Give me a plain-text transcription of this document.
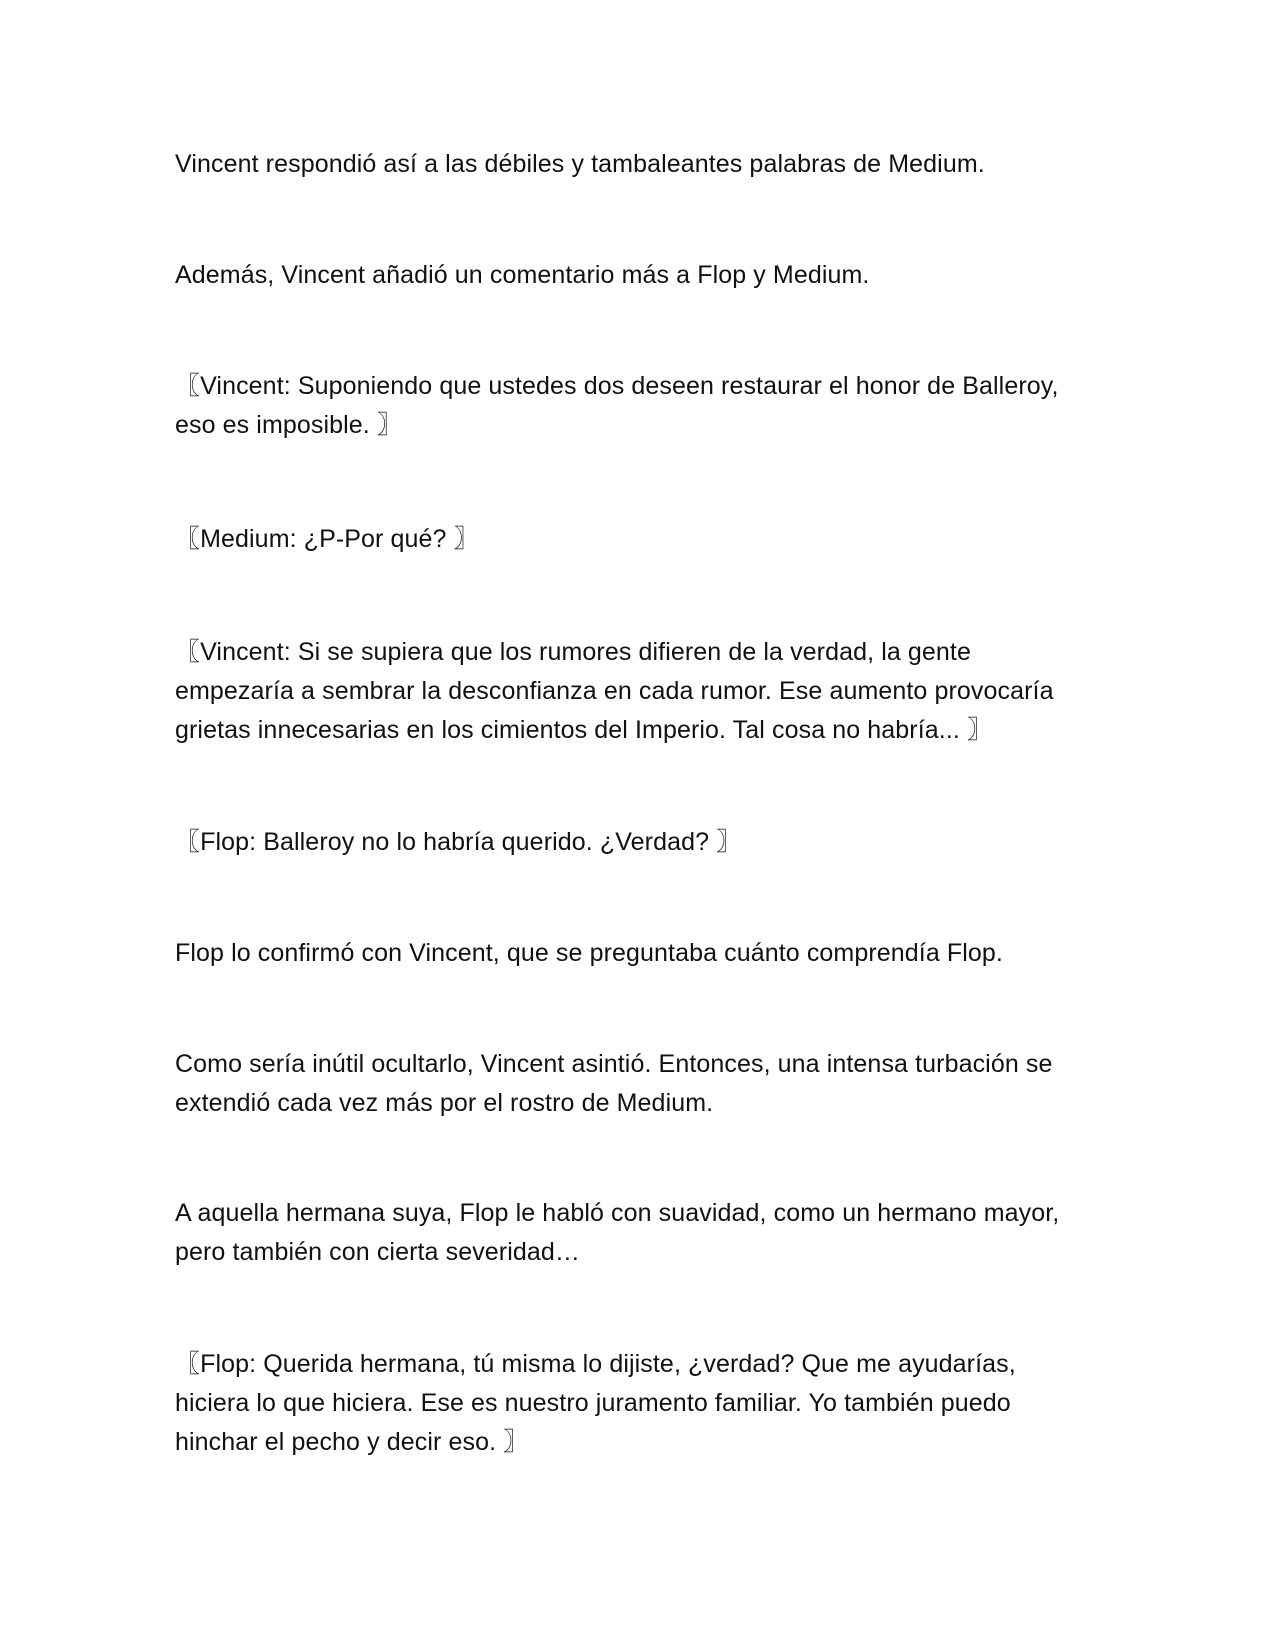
Vincent respondió así a las débiles y tambaleantes palabras de Medium.

Además, Vincent añadió un comentario más a Flop y Medium.

〖Vincent: Suponiendo que ustedes dos deseen restaurar el honor de Balleroy, eso es imposible. 〗

〖Medium: ¿P-Por qué? 〗

〖Vincent: Si se supiera que los rumores difieren de la verdad, la gente empezaría a sembrar la desconfianza en cada rumor. Ese aumento provocaría grietas innecesarias en los cimientos del Imperio. Tal cosa no habría... 〗

〖Flop: Balleroy no lo habría querido. ¿Verdad? 〗

Flop lo confirmó con Vincent, que se preguntaba cuánto comprendía Flop.

Como sería inútil ocultarlo, Vincent asintió. Entonces, una intensa turbación se extendió cada vez más por el rostro de Medium.

A aquella hermana suya, Flop le habló con suavidad, como un hermano mayor, pero también con cierta severidad…

〖Flop: Querida hermana, tú misma lo dijiste, ¿verdad? Que me ayudarías, hiciera lo que hiciera. Ese es nuestro juramento familiar. Yo también puedo hinchar el pecho y decir eso. 〗
